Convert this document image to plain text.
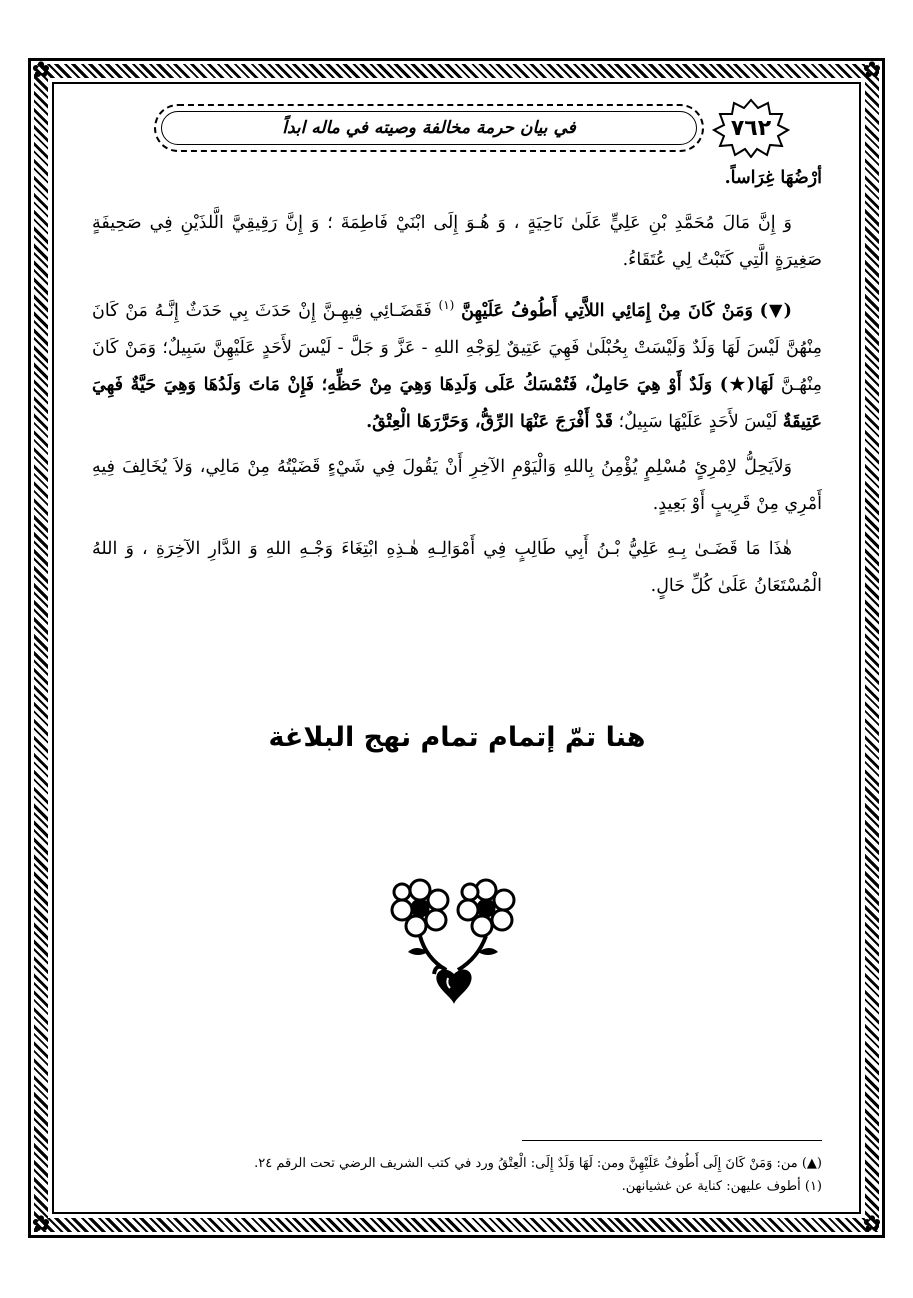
✿	✿
✿	✿
٧٦٢
في بيان حرمة مخالفة وصيته في ماله ابداً

أرْضُهَا غِرَاساً.

وَ إِنَّ مَالَ مُحَمَّدِ بْنِ عَلِيٍّ عَلَىٰ نَاحِيَةٍ ، وَ هُـوَ إِلَى ابْنَيْ فَاطِمَةَ ؛ وَ إِنَّ رَقِيقِيَّ الَّلذَيْنِ فِي صَحِيفَةٍ صَغِيرَةٍ الَّتِي كَتَبْتُ لِي عُتَقَاءُ.

(▼) وَمَنْ كَانَ مِنْ إِمَائِي اللاَّتِي أَطُوفُ عَلَيْهِنَّ $^{(١)}$ فَقَضَـائِي فِيهِـنَّ إِنْ حَدَثَ بِي حَدَثٌ إِنَّـهُ مَنْ كَانَ مِنْهُنَّ لَيْسَ لَهَا وَلَدٌ وَلَيْسَتْ بِحُبْلَىٰ فَهِيَ عَتِيقٌ لِوَجْهِ اللهِ - عَزَّ وَ جَلَّ - لَيْسَ لأَحَدٍ عَلَيْهِنَّ سَبِيلٌ؛ وَمَنْ كَانَ مِنْهُـنَّ لَهَا(★) وَلَدٌ أَوْ هِيَ حَامِلٌ، فَتُمْسَكُ عَلَى وَلَدِهَا وَهِيَ مِنْ حَظِّهِ؛ فَإِنْ مَاتَ وَلَدُهَا وَهِيَ حَيَّةٌ فَهِيَ عَتِيقَةٌ لَيْسَ لأَحَدٍ عَلَيْهَا سَبِيلٌ؛ قَدْ أَفْرَجَ عَنْهَا الرِّقُّ، وَحَرَّرَهَا الْعِتْقُ.

وَلاَيَحِلُّ لاِمْرِئٍ مُسْلِمٍ يُؤْمِنُ بِاللهِ وَالْيَوْمِ الآخِرِ أَنْ يَقُولَ فِي شَيْءٍ قَضَيْتُهُ مِنْ مَالِي، وَلاَ يُخَالِفَ فِيهِ أَمْرِي مِنْ قَرِيبٍ أَوْ بَعِيدٍ.

هٰذَا مَا قَضَـىٰ بِـهِ عَلِيُّ بْـنُ أَبِي طَالِبٍ فِي أَمْوَالِـهِ هٰـذِهِ ابْتِغَاءَ وَجْـهِ اللهِ وَ الدَّارِ الآخِرَةِ ، وَ اللهُ الْمُسْتَعَانُ عَلَىٰ كُلِّ حَالٍ.

هنا تمّ إتمام تمام نهج البلاغة

(▲) من: وَمَنْ كَانَ إِلَى أَطُوفُ عَلَيْهِنَّ ومن: لَهَا وَلَدٌ إِلَى: الْعِتْقُ ورد في كتب الشريف الرضي تحت الرقم ٢٤.

(١) أطوف عليهن: كناية عن غشيانهن.
